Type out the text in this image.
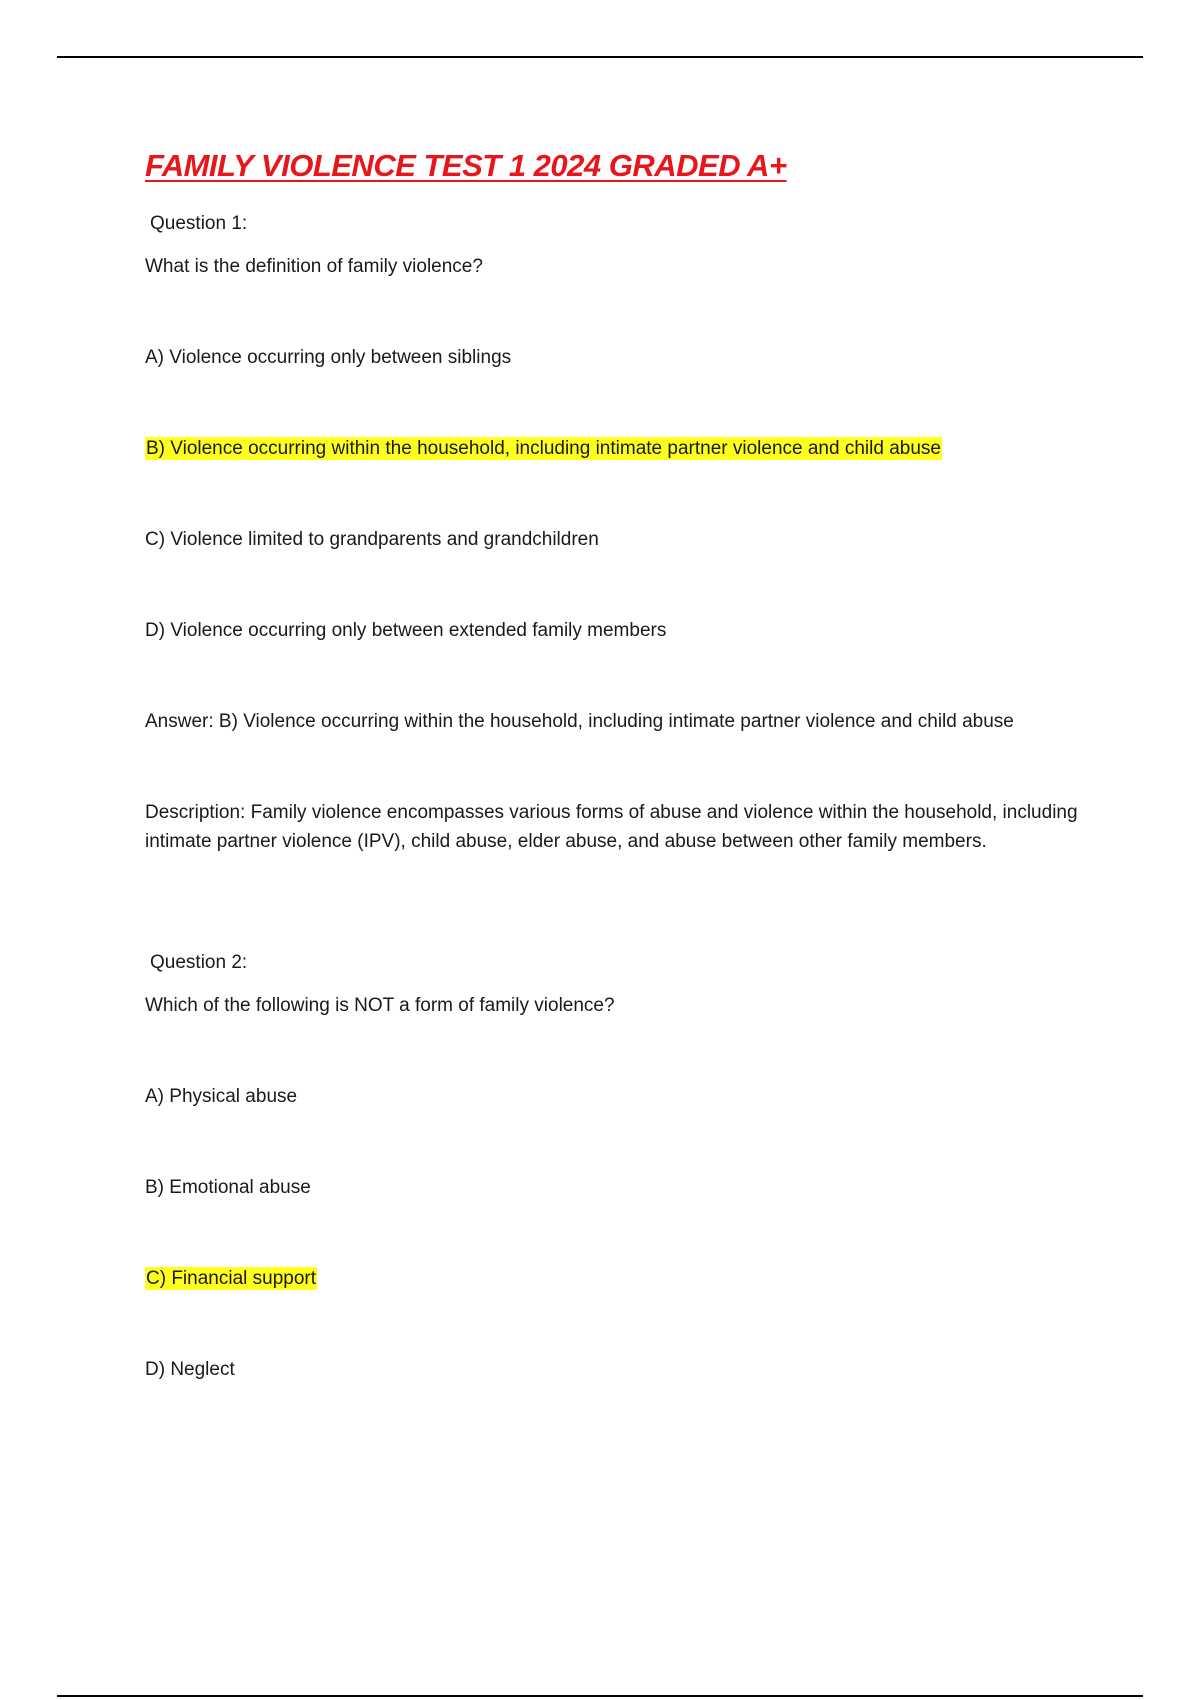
FAMILY VIOLENCE TEST 1 2024 GRADED A+
Question 1:
What is the definition of family violence?
A) Violence occurring only between siblings
B) Violence occurring within the household, including intimate partner violence and child abuse
C) Violence limited to grandparents and grandchildren
D) Violence occurring only between extended family members
Answer: B) Violence occurring within the household, including intimate partner violence and child abuse
Description: Family violence encompasses various forms of abuse and violence within the household, including intimate partner violence (IPV), child abuse, elder abuse, and abuse between other family members.
Question 2:
Which of the following is NOT a form of family violence?
A) Physical abuse
B) Emotional abuse
C) Financial support
D) Neglect
